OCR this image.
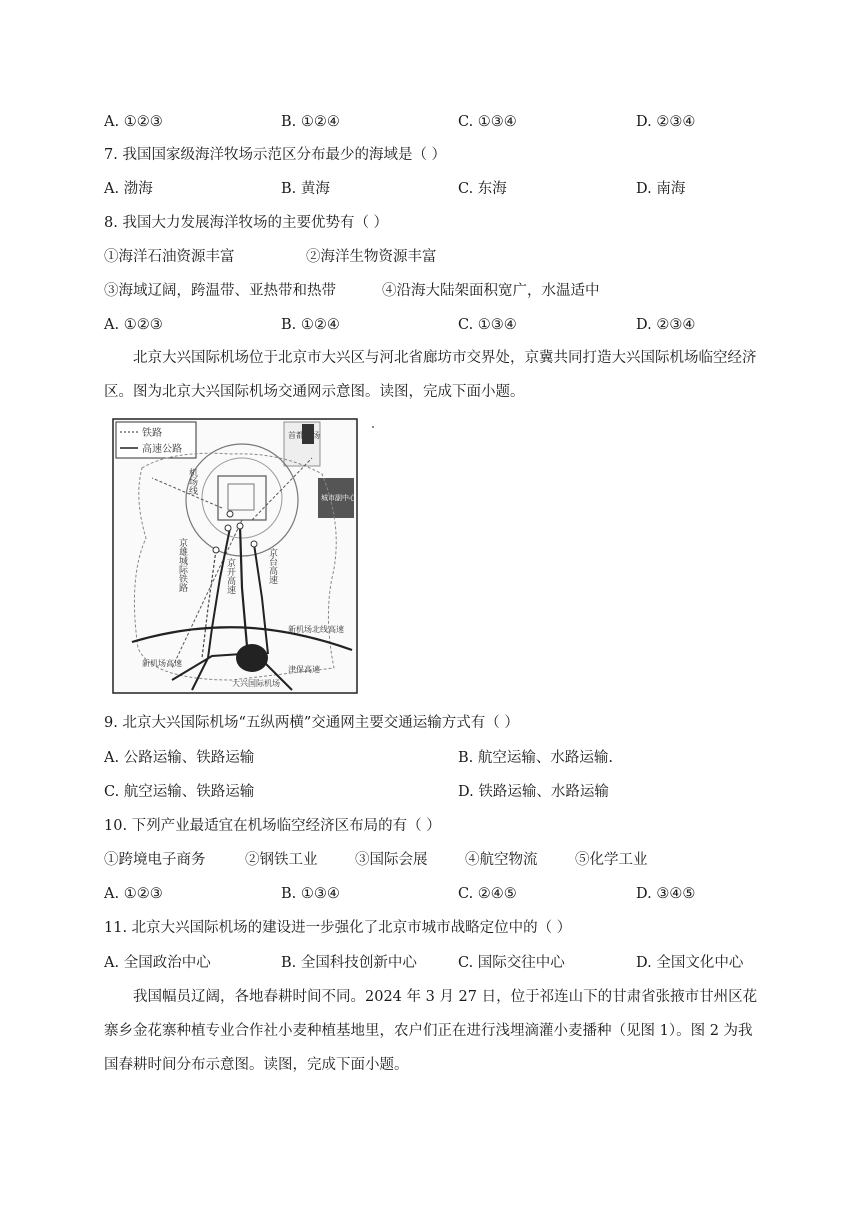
A. ①②③	B. ①②④	C. ①③④	D. ②③④
7. 我国国家级海洋牧场示范区分布最少的海域是（ ）
A. 渤海	B. 黄海	C. 东海	D. 南海
8. 我国大力发展海洋牧场的主要优势有（ ）
①海洋石油资源丰富	②海洋生物资源丰富
③海域辽阔，跨温带、亚热带和热带	④沿海大陆架面积宽广，水温适中
A. ①②③	B. ①②④	C. ①③④	D. ②③④
北京大兴国际机场位于北京市大兴区与河北省廊坊市交界处，京冀共同打造大兴国际机场临空经济区。图为北京大兴国际机场交通网示意图。读图，完成下面小题。
铁路
高速公路
首都机场
城市副中心
京雄城际铁路	京开高速	京台高速
机场线
新机场高速
新机场北线高速
津保高速
大兴国际机场
9. 北京大兴国际机场“五纵两横”交通网主要交通运输方式有（ ）
A. 公路运输、铁路运输	B. 航空运输、水路运输.
C. 航空运输、铁路运输	D. 铁路运输、水路运输
10. 下列产业最适宜在机场临空经济区布局的有（ ）
①跨境电子商务	②钢铁工业	③国际会展	④航空物流	⑤化学工业
A. ①②③	B. ①③④	C. ②④⑤	D. ③④⑤
11. 北京大兴国际机场的建设进一步强化了北京市城市战略定位中的（ ）
A. 全国政治中心	B. 全国科技创新中心	C. 国际交往中心	D. 全国文化中心
我国幅员辽阔，各地春耕时间不同。2024 年 3 月 27 日，位于祁连山下的甘肃省张掖市甘州区花寨乡金花寨种植专业合作社小麦种植基地里，农户们正在进行浅埋滴灌小麦播种（见图 1）。图 2 为我国春耕时间分布示意图。读图，完成下面小题。
